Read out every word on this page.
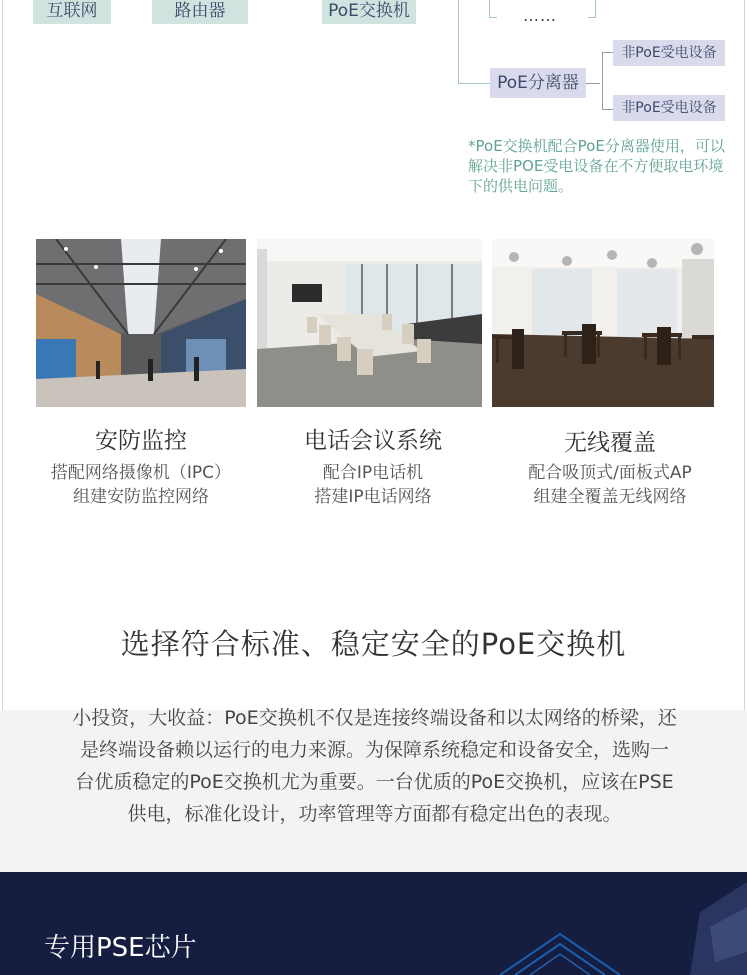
互联网	路由器	PoE交换机	……
PoE分离器
非PoE受电设备
非PoE受电设备
*PoE交换机配合PoE分离器使用，可以解决非POE受电设备在不方便取电环境下的供电问题。
安防监控
搭配网络摄像机（IPC）
组建安防监控网络
电话会议系统
配合IP电话机
搭建IP电话网络
无线覆盖
配合吸顶式/面板式AP
组建全覆盖无线网络
选择符合标准、稳定安全的PoE交换机
小投资，大收益：PoE交换机不仅是连接终端设备和以太网络的桥梁，还
是终端设备赖以运行的电力来源。为保障系统稳定和设备安全，选购一
台优质稳定的PoE交换机尤为重要。一台优质的PoE交换机，应该在PSE
供电，标准化设计，功率管理等方面都有稳定出色的表现。
专用PSE芯片
